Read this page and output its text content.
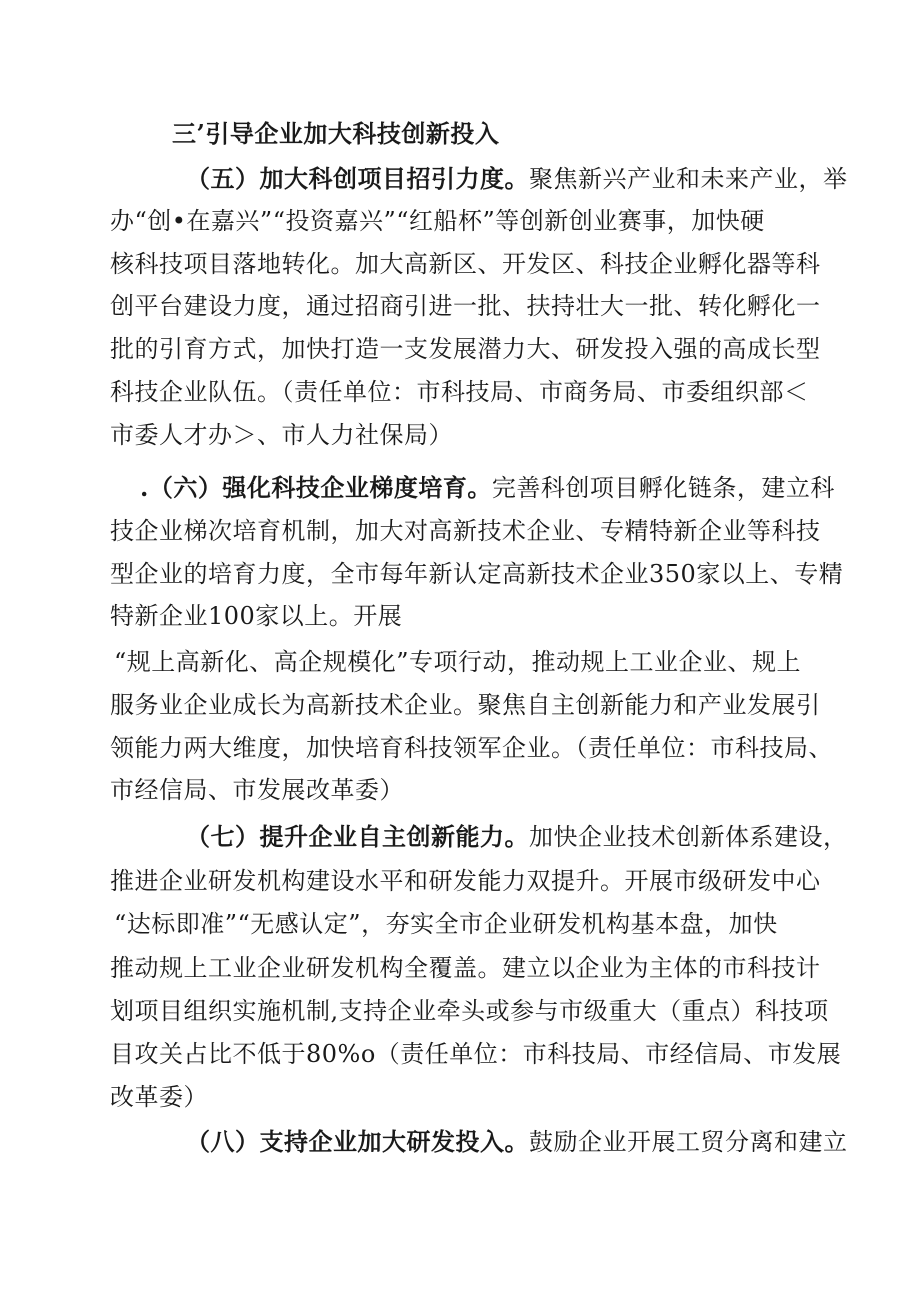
三’引导企业加大科技创新投入
（五）加大科创项目招引力度。聚焦新兴产业和未来产业，举
办“创•在嘉兴”“投资嘉兴”“红船杯”等创新创业赛事，加快硬
核科技项目落地转化。加大高新区、开发区、科技企业孵化器等科
创平台建设力度，通过招商引进一批、扶持壮大一批、转化孵化一
批的引育方式，加快打造一支发展潜力大、研发投入强的高成长型
科技企业队伍。（责任单位：市科技局、市商务局、市委组织部＜
市委人才办＞、市人力社保局）
.（六）强化科技企业梯度培育。完善科创项目孵化链条，建立科
技企业梯次培育机制，加大对高新技术企业、专精特新企业等科技
型企业的培育力度，全市每年新认定高新技术企业350家以上、专精
特新企业100家以上。开展
“规上高新化、高企规模化”专项行动，推动规上工业企业、规上
服务业企业成长为高新技术企业。聚焦自主创新能力和产业发展引
领能力两大维度，加快培育科技领军企业。（责任单位：市科技局、
市经信局、市发展改革委）
（七）提升企业自主创新能力。加快企业技术创新体系建设，
推进企业研发机构建设水平和研发能力双提升。开展市级研发中心
“达标即准”“无感认定”，夯实全市企业研发机构基本盘，加快
推动规上工业企业研发机构全覆盖。建立以企业为主体的市科技计
划项目组织实施机制,支持企业牵头或参与市级重大（重点）科技项
目攻关占比不低于80%o（责任单位：市科技局、市经信局、市发展
改革委）
（八）支持企业加大研发投入。鼓励企业开展工贸分离和建立
